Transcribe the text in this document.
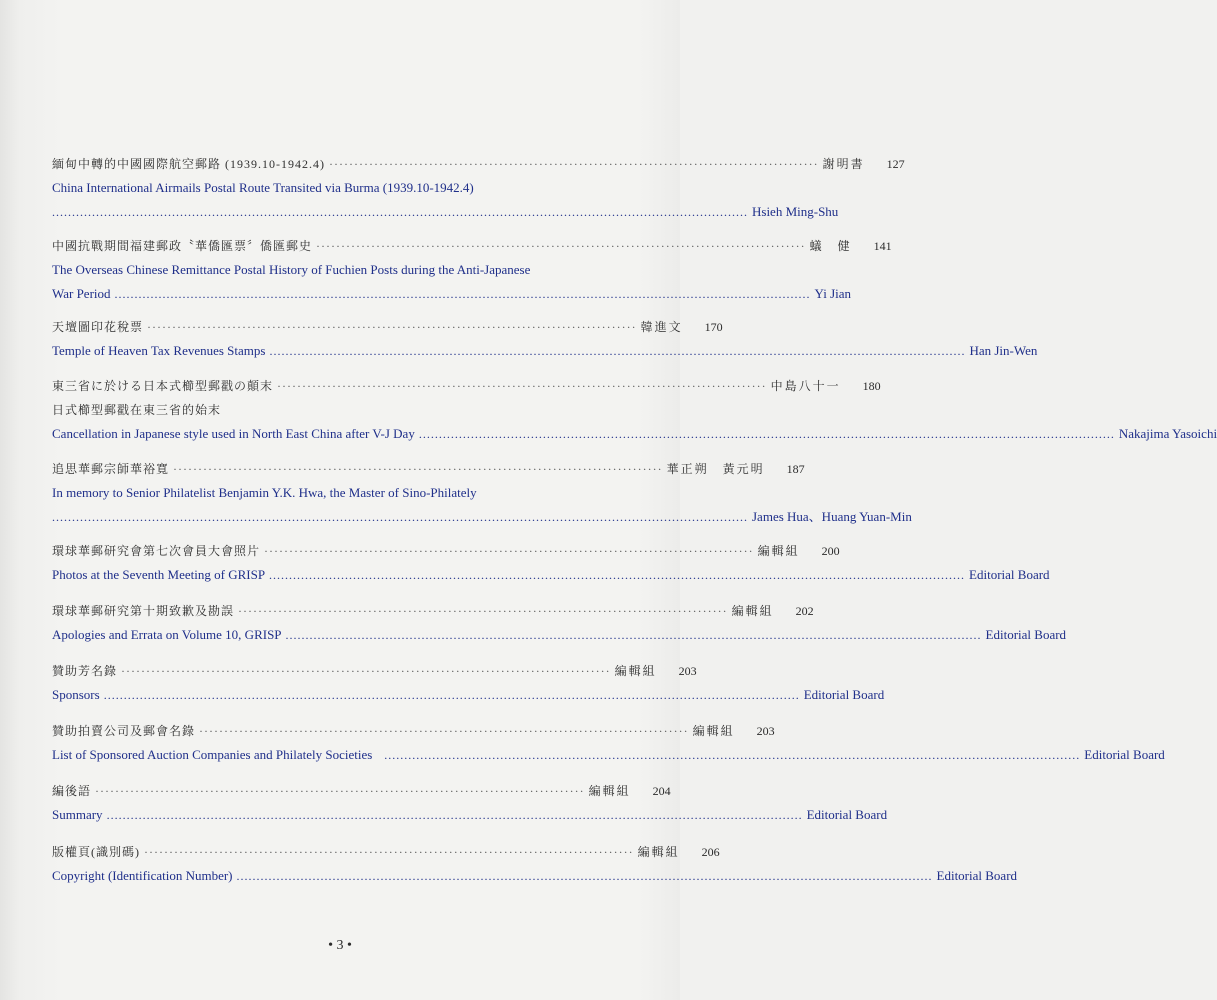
緬甸中轉的中國國際航空郵路 (1939.10-1942.4) ·································································································· 謝明書 127
China International Airmails Postal Route Transited via Burma (1939.10-1942.4)
.............................................................................................................................................................................. Hsieh Ming-Shu
中國抗戰期間福建郵政〝華僑匯票〞僑匯郵史 ·································································································· 蟻　健 141
The Overseas Chinese Remittance Postal History of Fuchien Posts during the Anti-Japanese
War Period .............................................................................................................................................................................. Yi Jian
天壇圖印花稅票 ·································································································· 韓進文 170
Temple of Heaven Tax Revenues Stamps .............................................................................................................................................................................. Han Jin-Wen
東三省に於ける日本式櫛型郵戳の顛末 ·································································································· 中島八十一 180
日式櫛型郵戳在東三省的始末
Cancellation in Japanese style used in North East China after V-J Day .............................................................................................................................................................................. Nakajima Yasoichi
追思華郵宗師華裕寬 ·································································································· 華正朔　黃元明 187
In memory to Senior Philatelist Benjamin Y.K. Hwa, the Master of Sino-Philately
.............................................................................................................................................................................. James Hua、Huang Yuan-Min
環球華郵研究會第七次會員大會照片 ·································································································· 編輯組 200
Photos at the Seventh Meeting of GRISP .............................................................................................................................................................................. Editorial Board
環球華郵研究第十期致歉及勘誤 ·································································································· 編輯組 202
Apologies and Errata on Volume 10, GRISP .............................................................................................................................................................................. Editorial Board
贊助芳名錄 ·································································································· 編輯組 203
Sponsors .............................................................................................................................................................................. Editorial Board
贊助拍賣公司及郵會名錄 ·································································································· 編輯組 203
List of Sponsored Auction Companies and Philately Societies .............................................................................................................................................................................. Editorial Board
編後語 ·································································································· 編輯組 204
Summary .............................................................................................................................................................................. Editorial Board
版權頁(識別碼) ·································································································· 編輯組 206
Copyright (Identification Number) .............................................................................................................................................................................. Editorial Board
• 3 •
